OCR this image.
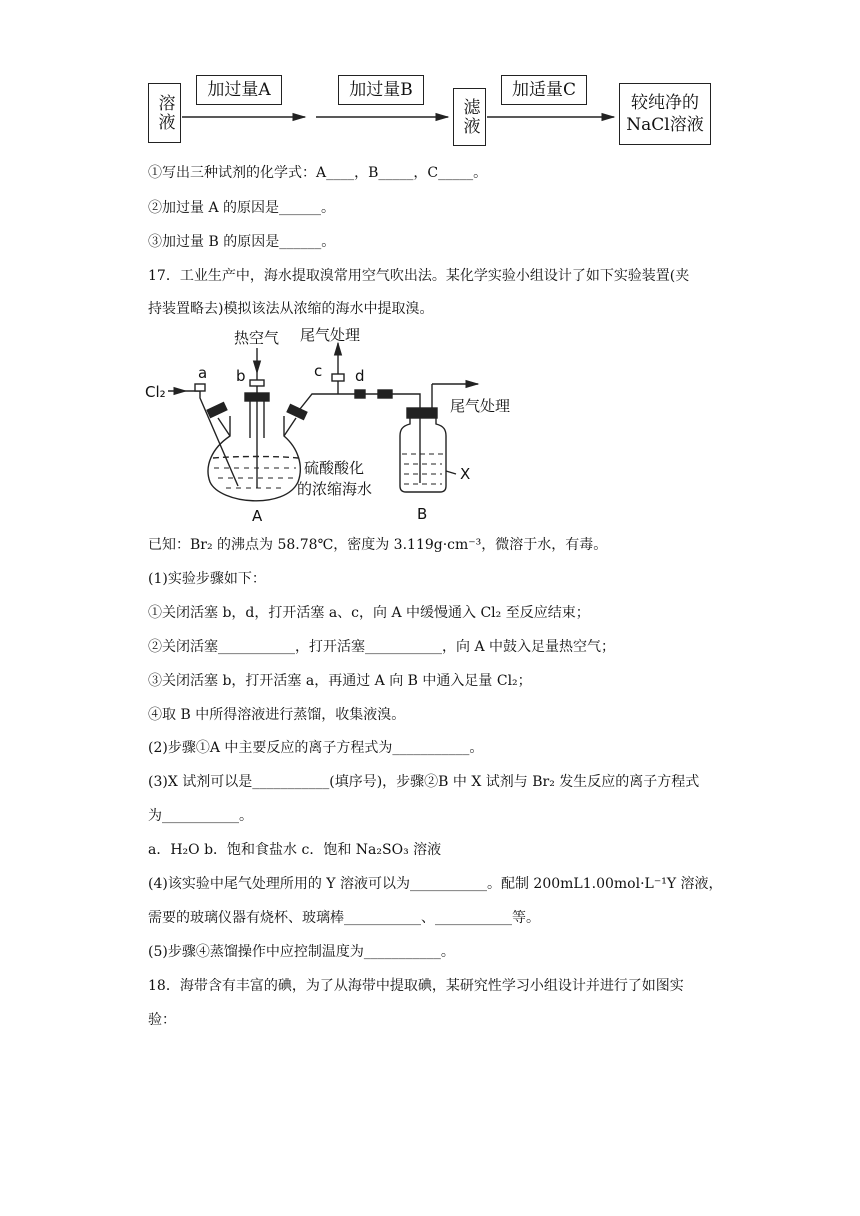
溶液	滤液	较纯净的
NaCl溶液
加过量A	加过量B	加适量C
①写出三种试剂的化学式：A____，B_____，C_____。
②加过量 A 的原因是______。
③加过量 B 的原因是______。
17．工业生产中，海水提取溴常用空气吹出法。某化学实验小组设计了如下实验装置(夹
持装置略去)模拟该法从浓缩的海水中提取溴。
热空气 尾气处理
Cl₂
a b	c d
尾气处理
硫酸酸化
的浓缩海水
X
A	B
已知：Br₂ 的沸点为 58.78℃，密度为 3.119g·cm⁻³，微溶于水，有毒。
(1)实验步骤如下：
①关闭活塞 b，d，打开活塞 a、c，向 A 中缓慢通入 Cl₂ 至反应结束；
②关闭活塞___________，打开活塞___________，向 A 中鼓入足量热空气；
③关闭活塞 b，打开活塞 a，再通过 A 向 B 中通入足量 Cl₂；
④取 B 中所得溶液进行蒸馏，收集液溴。
(2)步骤①A 中主要反应的离子方程式为___________。
(3)X 试剂可以是___________(填序号)，步骤②B 中 X 试剂与 Br₂ 发生反应的离子方程式
为___________。
a．H₂O b．饱和食盐水 c．饱和 Na₂SO₃ 溶液
(4)该实验中尾气处理所用的 Y 溶液可以为___________。配制 200mL1.00mol·L⁻¹Y 溶液，
需要的玻璃仪器有烧杯、玻璃棒___________、___________等。
(5)步骤④蒸馏操作中应控制温度为___________。
18．海带含有丰富的碘，为了从海带中提取碘，某研究性学习小组设计并进行了如图实
验：
